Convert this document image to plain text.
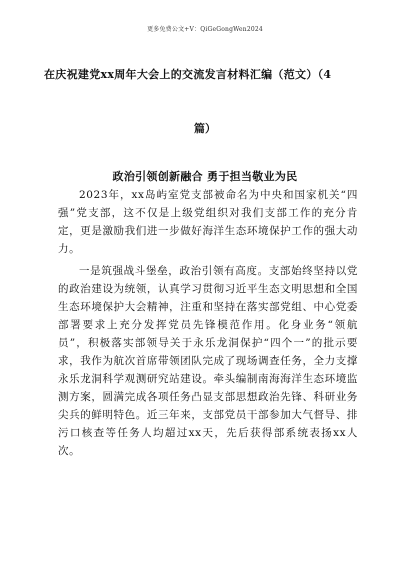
更多免费公文+V：QiGeGongWen2024
在庆祝建党xx周年大会上的交流发言材料汇编（范文）（4
篇）
政治引领创新融合 勇于担当敬业为民

2023年，xx岛屿室党支部被命名为中央和国家机关“四强”党支部，这不仅是上级党组织对我们支部工作的充分肯定，更是激励我们进一步做好海洋生态环境保护工作的强大动力。

一是筑强战斗堡垒，政治引领有高度。支部始终坚持以党的政治建设为统领，认真学习贯彻习近平生态文明思想和全国生态环境保护大会精神，注重和坚持在落实部党组、中心党委部署要求上充分发挥党员先锋模范作用。化身业务“领航员”，积极落实部领导关于永乐龙洞保护“四个一”的批示要求，我作为航次首席带领团队完成了现场调查任务，全力支撑永乐龙洞科学观测研究站建设。牵头编制南海海洋生态环境监测方案，圆满完成各项任务凸显支部思想政治先锋、科研业务尖兵的鲜明特色。近三年来，支部党员干部参加大气督导、排污口核查等任务人均超过xx天，先后获得部系统表扬xx人次。
